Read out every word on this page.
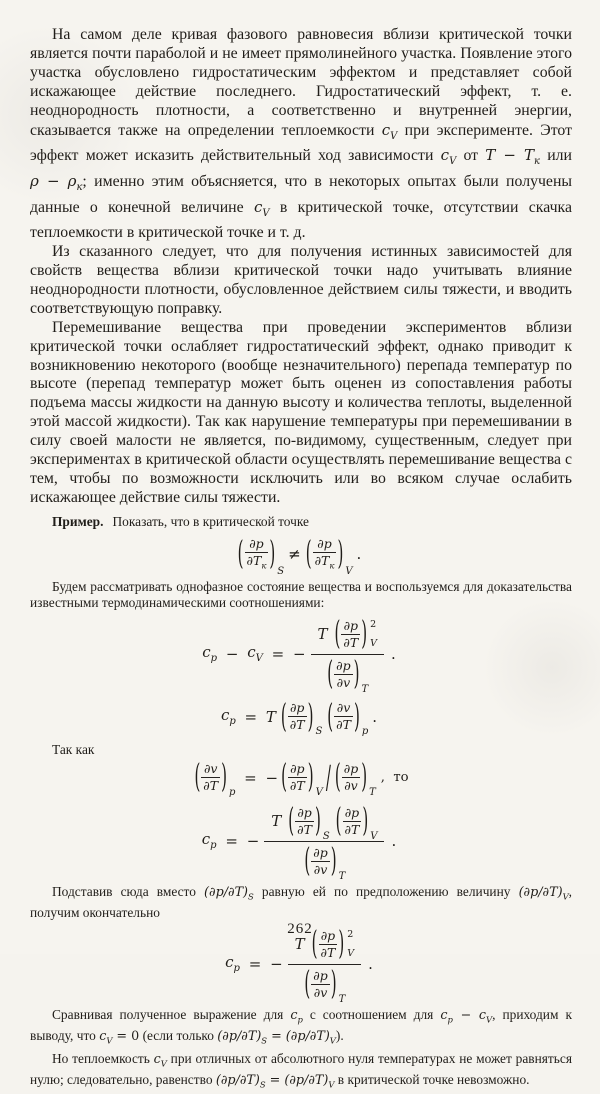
На самом деле кривая фазового равновесия вблизи критической точки является почти параболой и не имеет прямолинейного участка. Появление этого участка обусловлено гидростатическим эффектом и представляет собой искажающее действие последнего. Гидростатический эффект, т. е. неоднородность плотности, а соответственно и внутренней энергии, сказывается также на определении теплоемкости $c_V$ при эксперименте. Этот эффект может исказить действительный ход зависимости $c_V$ от $T - T_к$ или $\rho - \rho_к$; именно этим объясняется, что в некоторых опытах были получены данные о конечной величине $c_V$ в критической точке, отсутствии скачка теплоемкости в критической точке и т. д.

Из сказанного следует, что для получения истинных зависимостей для свойств вещества вблизи критической точки надо учитывать влияние неоднородности плотности, обусловленное действием силы тяжести, и вводить соответствующую поправку.

Перемешивание вещества при проведении экспериментов вблизи критической точки ослабляет гидростатический эффект, однако приводит к возникновению некоторого (вообще незначительного) перепада температур по высоте (перепад температур может быть оценен из сопоставления работы подъема массы жидкости на данную высоту и количества теплоты, выделенной этой массой жидкости). Так как нарушение температуры при перемешивании в силу своей малости не является, по-видимому, существенным, следует при экспериментах в критической области осуществлять перемешивание вещества с тем, чтобы по возможности исключить или во всяком случае ослабить искажающее действие силы тяжести.

Пример. Показать, что в критической точке

( ∂p
$\partial T_к$ ) S
≠ ( ∂p
$\partial T_к$ ) V
.

Будем рассматривать однофазное состояние вещества и воспользуемся для доказательства известными термодинамическими соотношениями:

$c_p - c_V$ = − T ( $\frac{\partial p}{\partial T}$ ) 2
V
( $\frac{\partial p}{\partial v}$ ) T .
$c_p = T$ ( $\frac{\partial p}{\partial T}$ ) S ( $\frac{\partial v}{\partial T}$ ) p
.

Так как

( $\frac{\partial v}{\partial T}$ ) p
= − ( $\frac{\partial p}{\partial T}$ ) V / ( $\frac{\partial p}{\partial v}$ ) T
,  то
$c_p$ = − $\frac{T ( \frac{\partial p}{\partial T} ) S ( \frac{\partial p}{\partial T} ) V}{( \frac{\partial p}{\partial v} ) T}$ .

Подставив сюда вместо $(\partial p/\partial T)_S$ равную ей по предположению величину $(\partial p/\partial T)_V$, получим окончательно

$c_p$ = − T ( $\frac{\partial p}{\partial T}$ ) 2
V
( $\frac{\partial p}{\partial v}$ ) T .

Сравнивая полученное выражение для $c_p$ с соотношением для $c_p - c_V$, приходим к выводу, что $c_V = 0$ (если только $(\partial p/\partial T)_S = (\partial p/\partial T)_V$).

Но теплоемкость $c_V$ при отличных от абсолютного нуля температурах не может равняться нулю; следовательно, равенство $(\partial p/\partial T)_S = (\partial p/\partial T)_V$ в критической точке невозможно.

262
